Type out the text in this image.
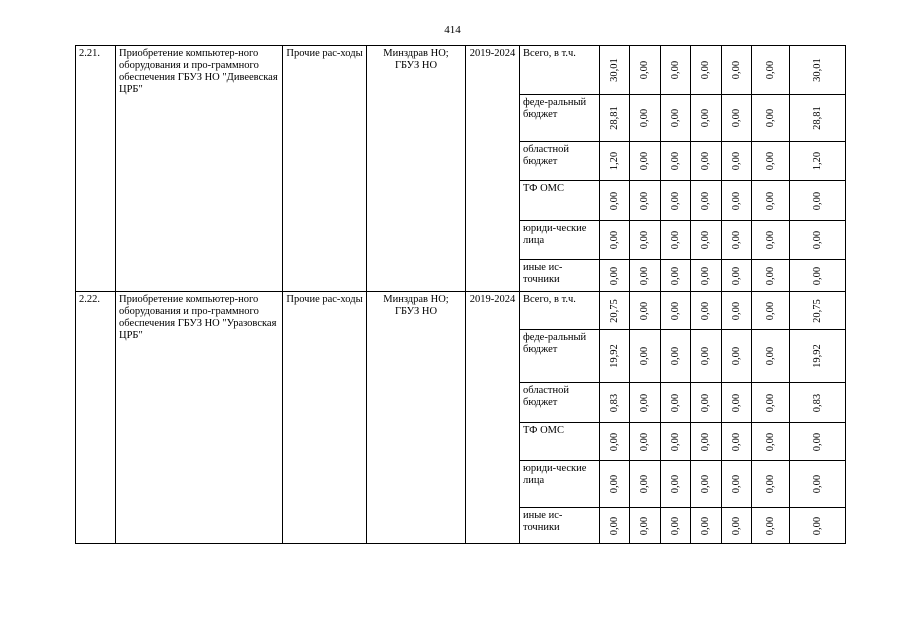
414
2.21.	Приобретение компьютер-ного оборудования и про-граммного обеспечения ГБУЗ НО "Дивеевская ЦРБ"	Прочие рас-ходы	Минздрав НО; ГБУЗ НО	2019-2024	Всего, в т.ч.	30,01	0,00	0,00	0,00	0,00	0,00	30,01

					феде-ральный бюджет	28,81	0,00	0,00	0,00	0,00	0,00	28,81

					областной бюджет	1,20	0,00	0,00	0,00	0,00	0,00	1,20

					ТФ ОМС	0,00	0,00	0,00	0,00	0,00	0,00	0,00

					юриди-ческие лица	0,00	0,00	0,00	0,00	0,00	0,00	0,00

					иные ис-точники	0,00	0,00	0,00	0,00	0,00	0,00	0,00

2.22.	Приобретение компьютер-ного оборудования и про-граммного обеспечения ГБУЗ НО "Уразовская ЦРБ"	Прочие рас-ходы	Минздрав НО; ГБУЗ НО	2019-2024	Всего, в т.ч.	20,75	0,00	0,00	0,00	0,00	0,00	20,75

					феде-ральный бюджет	19,92	0,00	0,00	0,00	0,00	0,00	19,92

					областной бюджет	0,83	0,00	0,00	0,00	0,00	0,00	0,83

					ТФ ОМС	0,00	0,00	0,00	0,00	0,00	0,00	0,00

					юриди-ческие лица	0,00	0,00	0,00	0,00	0,00	0,00	0,00

					иные ис-точники	0,00	0,00	0,00	0,00	0,00	0,00	0,00
